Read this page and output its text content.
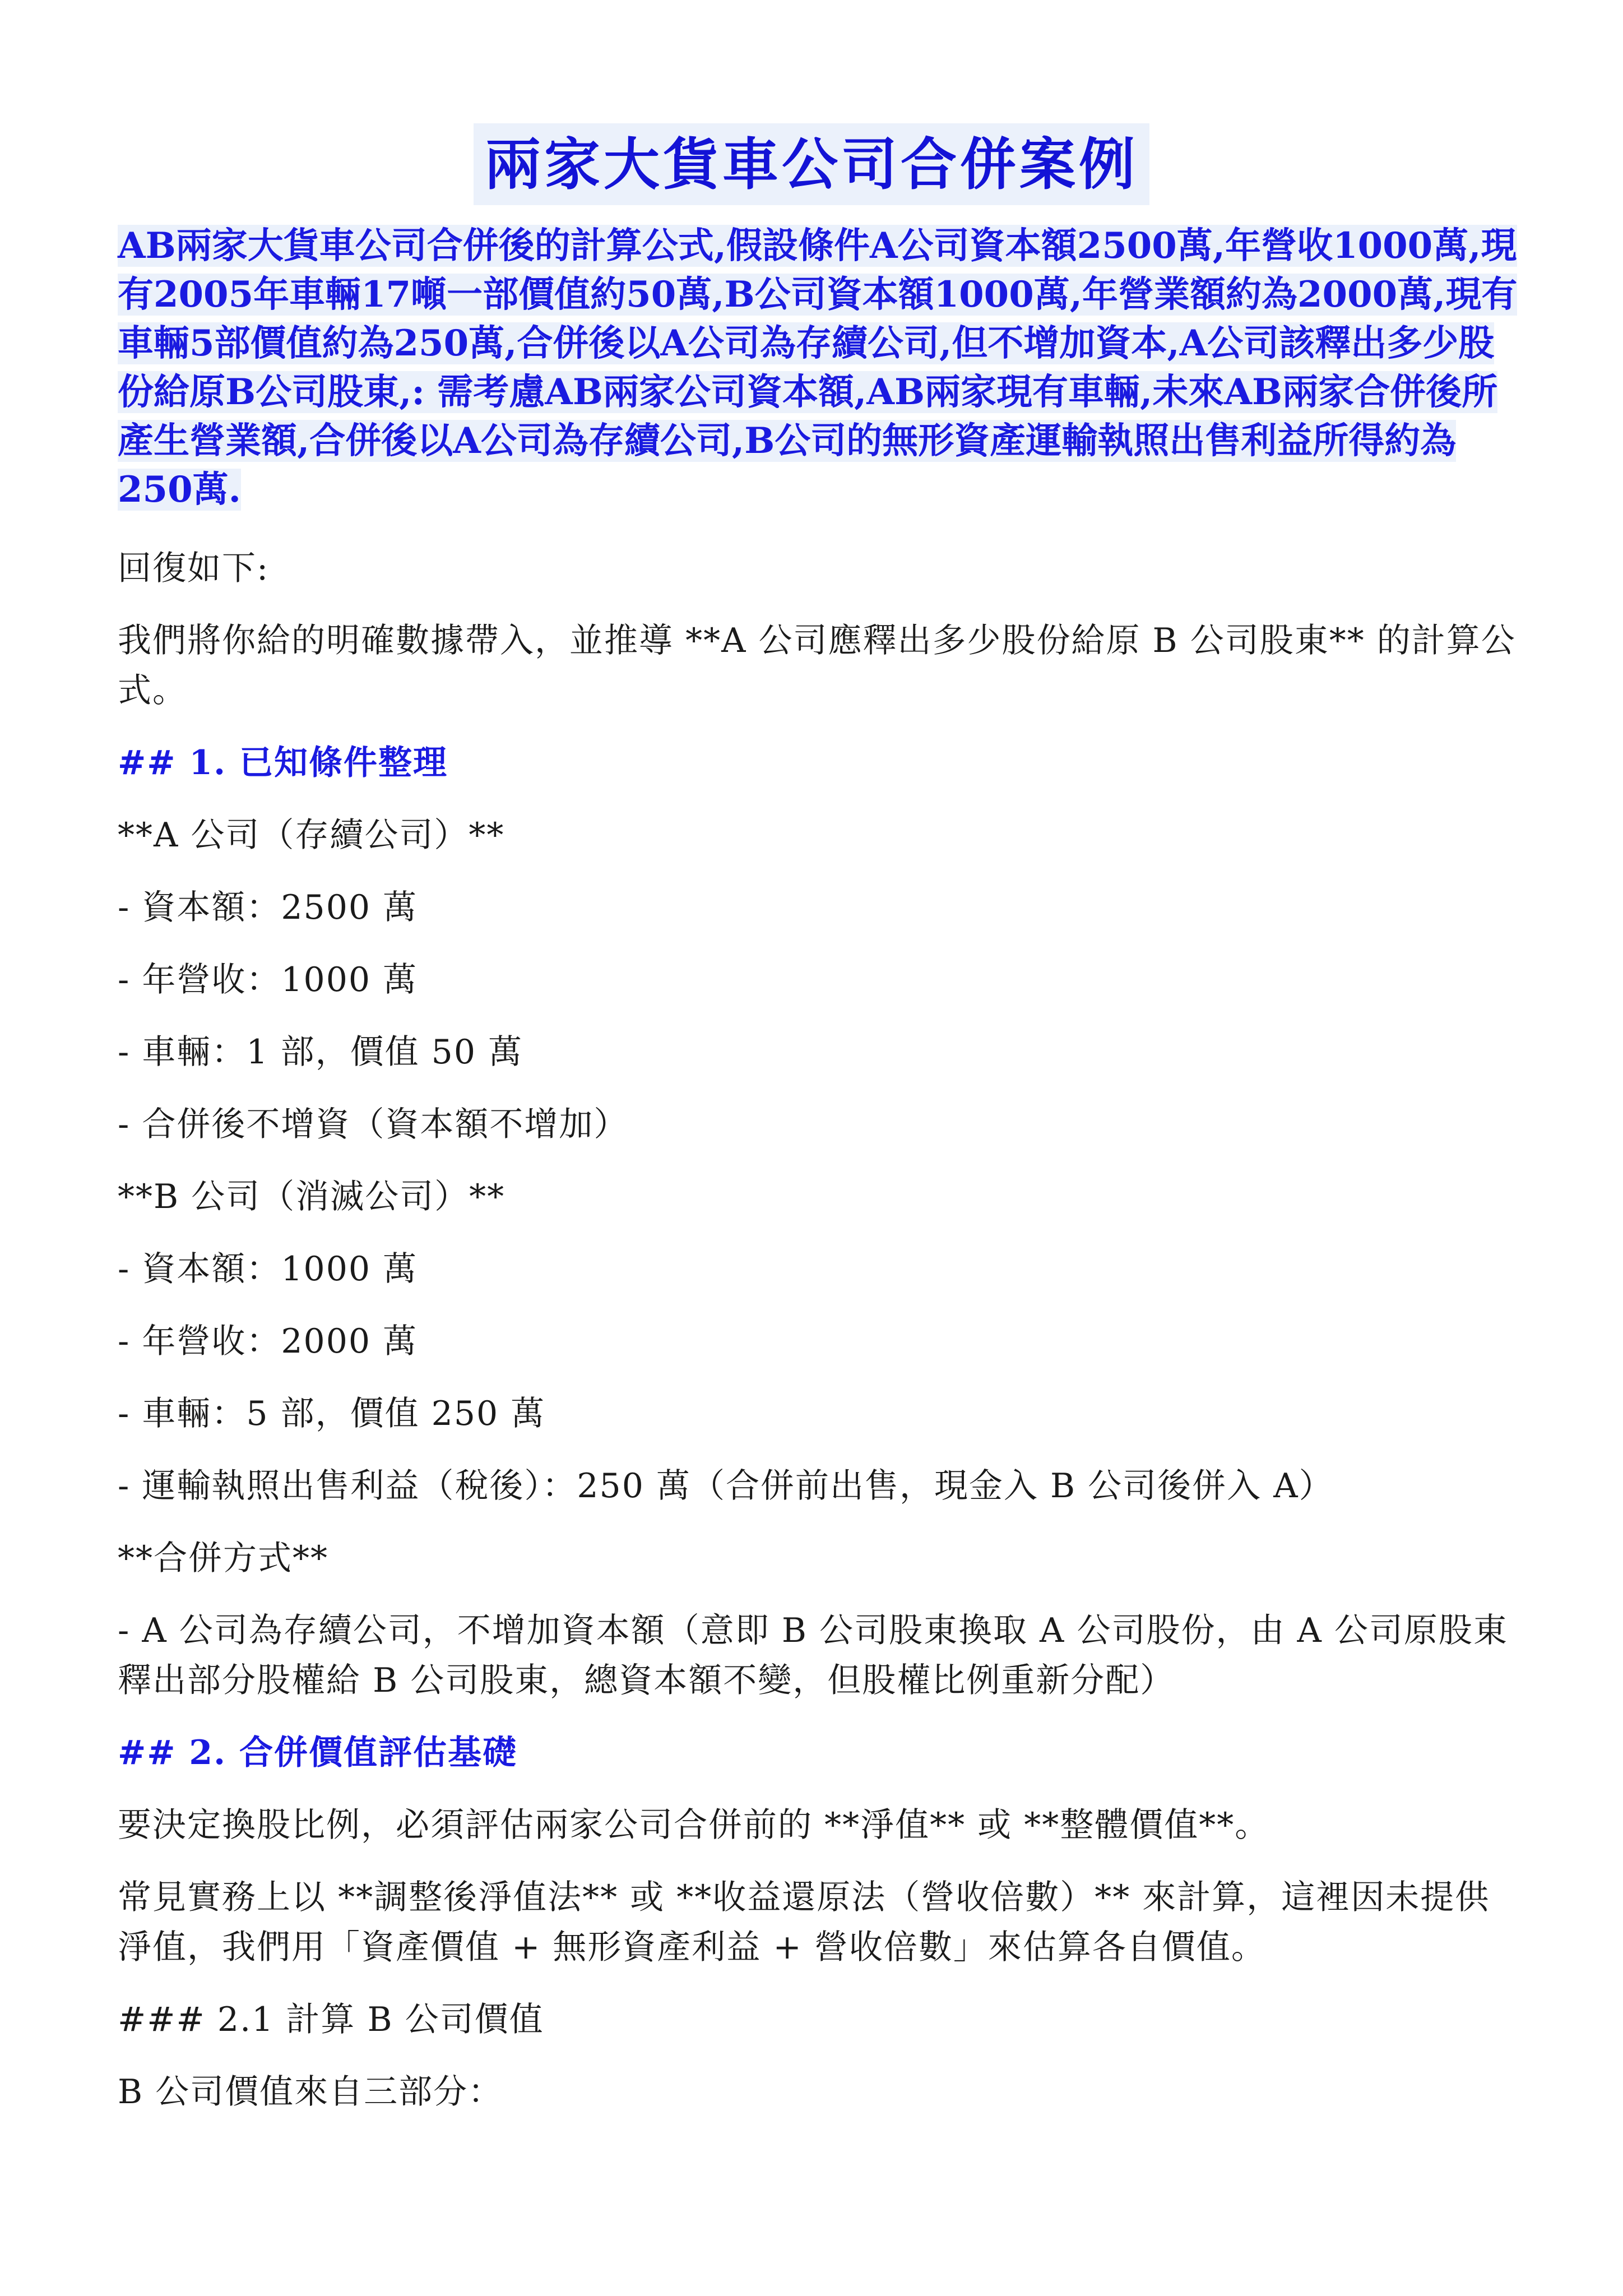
兩家大貨車公司合併案例
AB兩家大貨車公司合併後的計算公式,假設條件A公司資本額2500萬,年營收1000萬,現有2005年車輛17噸一部價值約50萬,B公司資本額1000萬,年營業額約為2000萬,現有車輛5部價值約為250萬,合併後以A公司為存續公司,但不增加資本,A公司該釋出多少股份給原B公司股東,: 需考慮AB兩家公司資本額,AB兩家現有車輛,未來AB兩家合併後所產生營業額,合併後以A公司為存續公司,B公司的無形資產運輸執照出售利益所得約為250萬.

回復如下:

我們將你給的明確數據帶入，並推導 **A 公司應釋出多少股份給原 B 公司股東** 的計算公式。

## 1. 已知條件整理

**A 公司（存續公司）**

- 資本額：2500 萬

- 年營收：1000 萬

- 車輛：1 部，價值 50 萬

- 合併後不增資（資本額不增加）

**B 公司（消滅公司）**

- 資本額：1000 萬

- 年營收：2000 萬

- 車輛：5 部，價值 250 萬

- 運輸執照出售利益（稅後）：250 萬（合併前出售，現金入 B 公司後併入 A）

**合併方式**

- A 公司為存續公司，不增加資本額（意即 B 公司股東換取 A 公司股份，由 A 公司原股東釋出部分股權給 B 公司股東，總資本額不變，但股權比例重新分配）

## 2. 合併價值評估基礎

要決定換股比例，必須評估兩家公司合併前的 **淨值** 或 **整體價值**。

常見實務上以 **調整後淨值法** 或 **收益還原法（營收倍數）** 來計算，這裡因未提供淨值，我們用「資產價值 + 無形資產利益 + 營收倍數」來估算各自價值。

### 2.1 計算 B 公司價值

B 公司價值來自三部分：
